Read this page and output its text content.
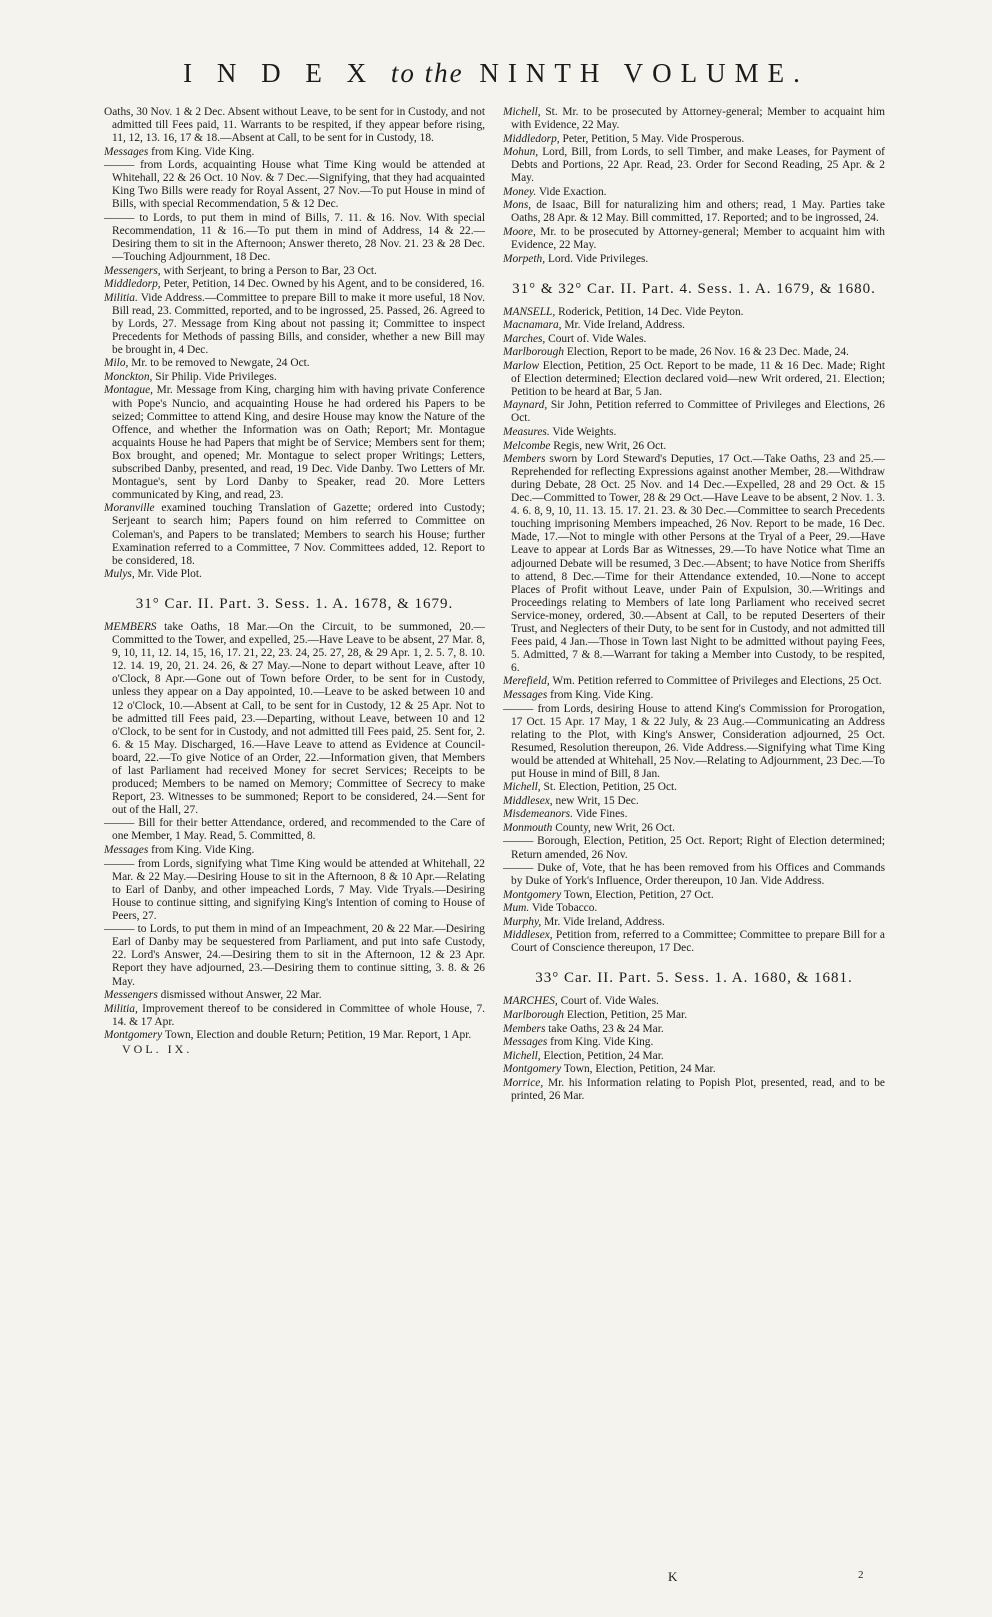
I N D E X to the NINTH VOLUME.
Oaths, 30 Nov. 1 & 2 Dec. Absent without Leave, to be sent for in Custody, and not admitted till Fees paid, 11. Warrants to be respited, if they appear before rising, 11, 12, 13. 16, 17 & 18.—Absent at Call, to be sent for in Custody, 18.
Messages from King. Vide King.
——— from Lords, acquainting House what Time King would be attended at Whitehall, 22 & 26 Oct. 10 Nov. & 7 Dec.—Signifying, that they had acquainted King Two Bills were ready for Royal Assent, 27 Nov.—To put House in mind of Bills, with special Recommendation, 5 & 12 Dec.
——— to Lords, to put them in mind of Bills, 7. 11. & 16. Nov. With special Recommendation, 11 & 16.—To put them in mind of Address, 14 & 22.—Desiring them to sit in the Afternoon; Answer thereto, 28 Nov. 21. 23 & 28 Dec.—Touching Adjournment, 18 Dec.
Messengers, with Serjeant, to bring a Person to Bar, 23 Oct.
Middledorp, Peter, Petition, 14 Dec. Owned by his Agent, and to be considered, 16.
Militia. Vide Address.—Committee to prepare Bill to make it more useful, 18 Nov. Bill read, 23. Committed, reported, and to be ingrossed, 25. Passed, 26. Agreed to by Lords, 27. Message from King about not passing it; Committee to inspect Precedents for Methods of passing Bills, and consider, whether a new Bill may be brought in, 4 Dec.
Milo, Mr. to be removed to Newgate, 24 Oct.
Monckton, Sir Philip. Vide Privileges.
Montague, Mr. Message from King, charging him with having private Conference with Pope's Nuncio, and acquainting House he had ordered his Papers to be seized; Committee to attend King, and desire House may know the Nature of the Offence, and whether the Information was on Oath; Report; Mr. Montague acquaints House he had Papers that might be of Service; Members sent for them; Box brought, and opened; Mr. Montague to select proper Writings; Letters, subscribed Danby, presented, and read, 19 Dec. Vide Danby. Two Letters of Mr. Montague's, sent by Lord Danby to Speaker, read 20. More Letters communicated by King, and read, 23.
Moranville examined touching Translation of Gazette; ordered into Custody; Serjeant to search him; Papers found on him referred to Committee on Coleman's, and Papers to be translated; Members to search his House; further Examination referred to a Committee, 7 Nov. Committees added, 12. Report to be considered, 18.
Mulys, Mr. Vide Plot.
31° Car. II. Part. 3. Sess. 1. A. 1678, & 1679.
MEMBERS take Oaths, 18 Mar.—On the Circuit, to be summoned, 20.—Committed to the Tower, and expelled, 25.—Have Leave to be absent, 27 Mar. 8, 9, 10, 11, 12. 14, 15, 16, 17. 21, 22, 23. 24, 25. 27, 28, & 29 Apr. 1, 2. 5. 7, 8. 10. 12. 14. 19, 20, 21. 24. 26, & 27 May.—None to depart without Leave, after 10 o'Clock, 8 Apr.—Gone out of Town before Order, to be sent for in Custody, unless they appear on a Day appointed, 10.—Leave to be asked between 10 and 12 o'Clock, 10.—Absent at Call, to be sent for in Custody, 12 & 25 Apr. Not to be admitted till Fees paid, 23.—Departing, without Leave, between 10 and 12 o'Clock, to be sent for in Custody, and not admitted till Fees paid, 25. Sent for, 2. 6. & 15 May. Discharged, 16.—Have Leave to attend as Evidence at Council-board, 22.—To give Notice of an Order, 22.—Information given, that Members of last Parliament had received Money for secret Services; Receipts to be produced; Members to be named on Memory; Committee of Secrecy to make Report, 23. Witnesses to be summoned; Report to be considered, 24.—Sent for out of the Hall, 27.
——— Bill for their better Attendance, ordered, and recommended to the Care of one Member, 1 May. Read, 5. Committed, 8.
Messages from King. Vide King.
——— from Lords, signifying what Time King would be attended at Whitehall, 22 Mar. & 22 May.—Desiring House to sit in the Afternoon, 8 & 10 Apr.—Relating to Earl of Danby, and other impeached Lords, 7 May. Vide Tryals.—Desiring House to continue sitting, and signifying King's Intention of coming to House of Peers, 27.
——— to Lords, to put them in mind of an Impeachment, 20 & 22 Mar.—Desiring Earl of Danby may be sequestered from Parliament, and put into safe Custody, 22. Lord's Answer, 24.—Desiring them to sit in the Afternoon, 12 & 23 Apr. Report they have adjourned, 23.—Desiring them to continue sitting, 3. 8. & 26 May.
Messengers dismissed without Answer, 22 Mar.
Militia, Improvement thereof to be considered in Committee of whole House, 7. 14. & 17 Apr.
Montgomery Town, Election and double Return; Petition, 19 Mar. Report, 1 Apr.
VOL. IX.
Michell, St. Mr. to be prosecuted by Attorney-general; Member to acquaint him with Evidence, 22 May.
Middledorp, Peter, Petition, 5 May. Vide Prosperous.
Mohun, Lord, Bill, from Lords, to sell Timber, and make Leases, for Payment of Debts and Portions, 22 Apr. Read, 23. Order for Second Reading, 25 Apr. & 2 May.
Money. Vide Exaction.
Mons, de Isaac, Bill for naturalizing him and others; read, 1 May. Parties take Oaths, 28 Apr. & 12 May. Bill committed, 17. Reported; and to be ingrossed, 24.
Moore, Mr. to be prosecuted by Attorney-general; Member to acquaint him with Evidence, 22 May.
Morpeth, Lord. Vide Privileges.
31° & 32° Car. II. Part. 4. Sess. 1. A. 1679, & 1680.
MANSELL, Roderick, Petition, 14 Dec. Vide Peyton.
Macnamara, Mr. Vide Ireland, Address.
Marches, Court of. Vide Wales.
Marlborough Election, Report to be made, 26 Nov. 16 & 23 Dec. Made, 24.
Marlow Election, Petition, 25 Oct. Report to be made, 11 & 16 Dec. Made; Right of Election determined; Election declared void—new Writ ordered, 21. Election; Petition to be heard at Bar, 5 Jan.
Maynard, Sir John, Petition referred to Committee of Privileges and Elections, 26 Oct.
Measures. Vide Weights.
Melcombe Regis, new Writ, 26 Oct.
Members sworn by Lord Steward's Deputies, 17 Oct.—Take Oaths, 23 and 25.—Reprehended for reflecting Expressions against another Member, 28.—Withdraw during Debate, 28 Oct. 25 Nov. and 14 Dec.—Expelled, 28 and 29 Oct. & 15 Dec.—Committed to Tower, 28 & 29 Oct.—Have Leave to be absent, 2 Nov. 1. 3. 4. 6. 8, 9, 10, 11. 13. 15. 17. 21. 23. & 30 Dec.—Committee to search Precedents touching imprisoning Members impeached, 26 Nov. Report to be made, 16 Dec. Made, 17.—Not to mingle with other Persons at the Tryal of a Peer, 29.—Have Leave to appear at Lords Bar as Witnesses, 29.—To have Notice what Time an adjourned Debate will be resumed, 3 Dec.—Absent; to have Notice from Sheriffs to attend, 8 Dec.—Time for their Attendance extended, 10.—None to accept Places of Profit without Leave, under Pain of Expulsion, 30.—Writings and Proceedings relating to Members of late long Parliament who received secret Service-money, ordered, 30.—Absent at Call, to be reputed Deserters of their Trust, and Neglecters of their Duty, to be sent for in Custody, and not admitted till Fees paid, 4 Jan.—Those in Town last Night to be admitted without paying Fees, 5. Admitted, 7 & 8.—Warrant for taking a Member into Custody, to be respited, 6.
Merefield, Wm. Petition referred to Committee of Privileges and Elections, 25 Oct.
Messages from King. Vide King.
——— from Lords, desiring House to attend King's Commission for Prorogation, 17 Oct. 15 Apr. 17 May, 1 & 22 July, & 23 Aug.—Communicating an Address relating to the Plot, with King's Answer, Consideration adjourned, 25 Oct. Resumed, Resolution thereupon, 26. Vide Address.—Signifying what Time King would be attended at Whitehall, 25 Nov.—Relating to Adjournment, 23 Dec.—To put House in mind of Bill, 8 Jan.
Michell, St. Election, Petition, 25 Oct.
Middlesex, new Writ, 15 Dec.
Misdemeanors. Vide Fines.
Monmouth County, new Writ, 26 Oct.
——— Borough, Election, Petition, 25 Oct. Report; Right of Election determined; Return amended, 26 Nov.
——— Duke of, Vote, that he has been removed from his Offices and Commands by Duke of York's Influence, Order thereupon, 10 Jan. Vide Address.
Montgomery Town, Election, Petition, 27 Oct.
Mum. Vide Tobacco.
Murphy, Mr. Vide Ireland, Address.
Middlesex, Petition from, referred to a Committee; Committee to prepare Bill for a Court of Conscience thereupon, 17 Dec.
33° Car. II. Part. 5. Sess. 1. A. 1680, & 1681.
MARCHES, Court of. Vide Wales.
Marlborough Election, Petition, 25 Mar.
Members take Oaths, 23 & 24 Mar.
Messages from King. Vide King.
Michell, Election, Petition, 24 Mar.
Montgomery Town, Election, Petition, 24 Mar.
Morrice, Mr. his Information relating to Popish Plot, presented, read, and to be printed, 26 Mar.
K	2
